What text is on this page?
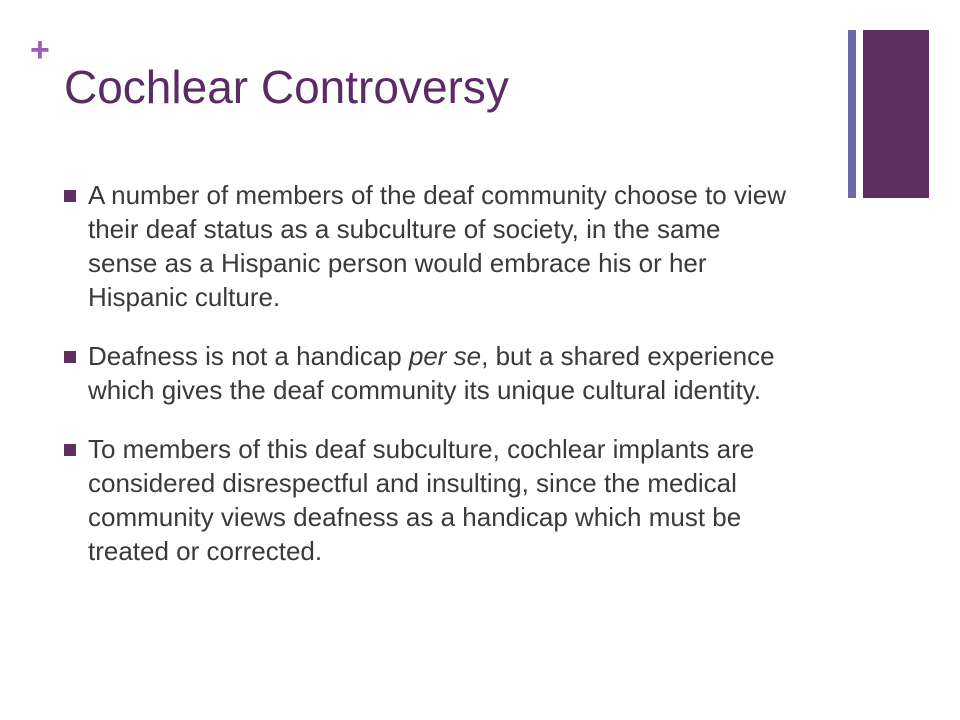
+
Cochlear Controversy
A number of members of the deaf community choose to view their deaf status as a subculture of society, in the same sense as a Hispanic person would embrace his or her Hispanic culture.
Deafness is not a handicap per se, but a shared experience which gives the deaf community its unique cultural identity.
To members of this deaf subculture, cochlear implants are considered disrespectful and insulting, since the medical community views deafness as a handicap which must be treated or corrected.
